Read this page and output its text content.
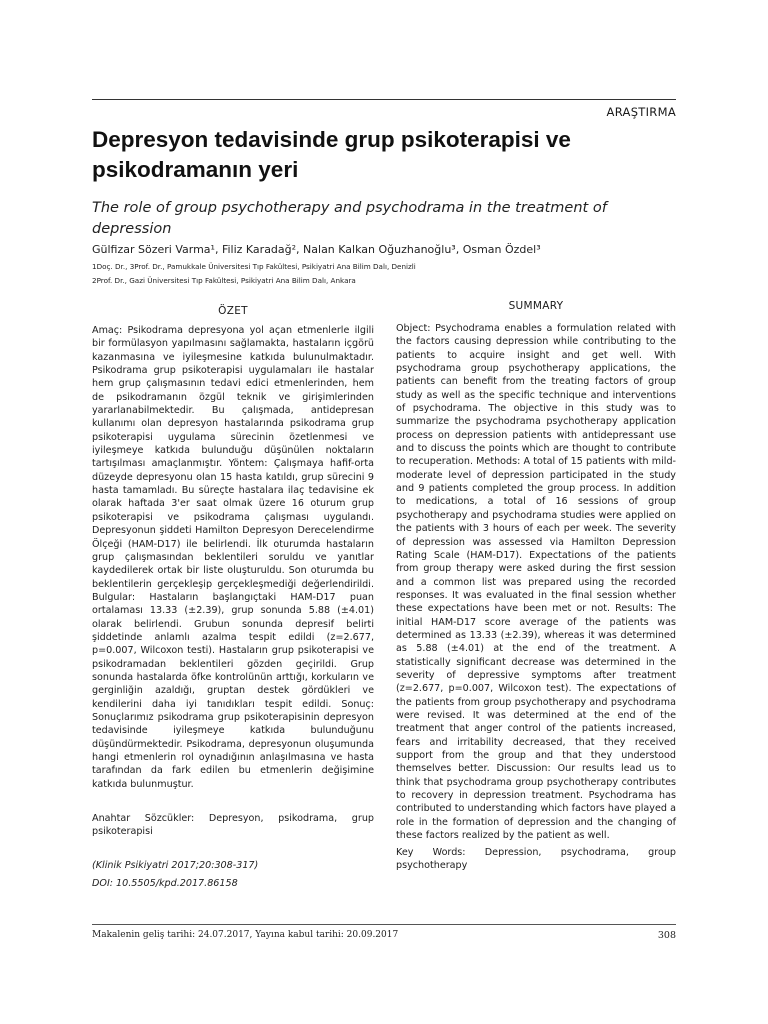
ARAŞTIRMA
Depresyon tedavisinde grup psikoterapisi ve psikodramanın yeri
The role of group psychotherapy and psychodrama in the treatment of depression
Gülfizar Sözeri Varma¹, Filiz Karadağ², Nalan Kalkan Oğuzhanoğlu³, Osman Özdel³
1Doç. Dr., 3Prof. Dr., Pamukkale Üniversitesi Tıp Fakültesi, Psikiyatri Ana Bilim Dalı, Denizli
2Prof. Dr., Gazi Üniversitesi Tıp Fakültesi, Psikiyatri Ana Bilim Dalı, Ankara
ÖZET

Amaç: Psikodrama depresyona yol açan etmenlerle ilgili bir formülasyon yapılmasını sağlamakta, hastaların içgörü kazanmasına ve iyileşmesine katkıda bulunulmaktadır. Psikodrama grup psikoterapisi uygulamaları ile hastalar hem grup çalışmasının tedavi edici etmenlerinden, hem de psikodramanın özgül teknik ve girişimlerinden yararlanabilmektedir. Bu çalışmada, antidepresan kullanımı olan depresyon hastalarında psikodrama grup psikoterapisi uygulama sürecinin özetlenmesi ve iyileşmeye katkıda bulunduğu düşünülen noktaların tartışılması amaçlanmıştır. Yöntem: Çalışmaya hafif-orta düzeyde depresyonu olan 15 hasta katıldı, grup sürecini 9 hasta tamamladı. Bu süreçte hastalara ilaç tedavisine ek olarak haftada 3'er saat olmak üzere 16 oturum grup psikoterapisi ve psikodrama çalışması uygulandı. Depresyonun şiddeti Hamilton Depresyon Derecelendirme Ölçeği (HAM-D17) ile belirlendi. İlk oturumda hastaların grup çalışmasından beklentileri soruldu ve yanıtlar kaydedilerek ortak bir liste oluşturuldu. Son oturumda bu beklentilerin gerçekleşip gerçekleşmediği değerlendirildi. Bulgular: Hastaların başlangıçtaki HAM-D17 puan ortalaması 13.33 (±2.39), grup sonunda 5.88 (±4.01) olarak belirlendi. Grubun sonunda depresif belirti şiddetinde anlamlı azalma tespit edildi (z=2.677, p=0.007, Wilcoxon testi). Hastaların grup psikoterapisi ve psikodramadan beklentileri gözden geçirildi. Grup sonunda hastalarda öfke kontrolünün arttığı, korkuların ve gerginliğin azaldığı, gruptan destek gördükleri ve kendilerini daha iyi tanıdıkları tespit edildi. Sonuç: Sonuçlarımız psikodrama grup psikoterapisinin depresyon tedavisinde iyileşmeye katkıda bulunduğunu düşündürmektedir. Psikodrama, depresyonun oluşumunda hangi etmenlerin rol oynadığının anlaşılmasına ve hasta tarafından da fark edilen bu etmenlerin değişimine katkıda bulunmuştur.

Anahtar Sözcükler: Depresyon, psikodrama, grup psikoterapisi
(Klinik Psikiyatri 2017;20:308-317)
DOI: 10.5505/kpd.2017.86158
SUMMARY

Object: Psychodrama enables a formulation related with the factors causing depression while contributing to the patients to acquire insight and get well. With psychodrama group psychotherapy applications, the patients can benefit from the treating factors of group study as well as the specific technique and interventions of psychodrama. The objective in this study was to summarize the psychodrama psychotherapy application process on depression patients with antidepressant use and to discuss the points which are thought to contribute to recuperation. Methods: A total of 15 patients with mild-moderate level of depression participated in the study and 9 patients completed the group process. In addition to medications, a total of 16 sessions of group psychotherapy and psychodrama studies were applied on the patients with 3 hours of each per week. The severity of depression was assessed via Hamilton Depression Rating Scale (HAM-D17). Expectations of the patients from group therapy were asked during the first session and a common list was prepared using the recorded responses. It was evaluated in the final session whether these expectations have been met or not. Results: The initial HAM-D17 score average of the patients was determined as 13.33 (±2.39), whereas it was determined as 5.88 (±4.01) at the end of the treatment. A statistically significant decrease was determined in the severity of depressive symptoms after treatment (z=2.677, p=0.007, Wilcoxon test). The expectations of the patients from group psychotherapy and psychodrama were revised. It was determined at the end of the treatment that anger control of the patients increased, fears and irritability decreased, that they received support from the group and that they understood themselves better. Discussion: Our results lead us to think that psychodrama group psychotherapy contributes to recovery in depression treatment. Psychodrama has contributed to understanding which factors have played a role in the formation of depression and the changing of these factors realized by the patient as well.

Key Words: Depression, psychodrama, group psychotherapy
Makalenin geliş tarihi: 24.07.2017, Yayına kabul tarihi: 20.09.2017	308
